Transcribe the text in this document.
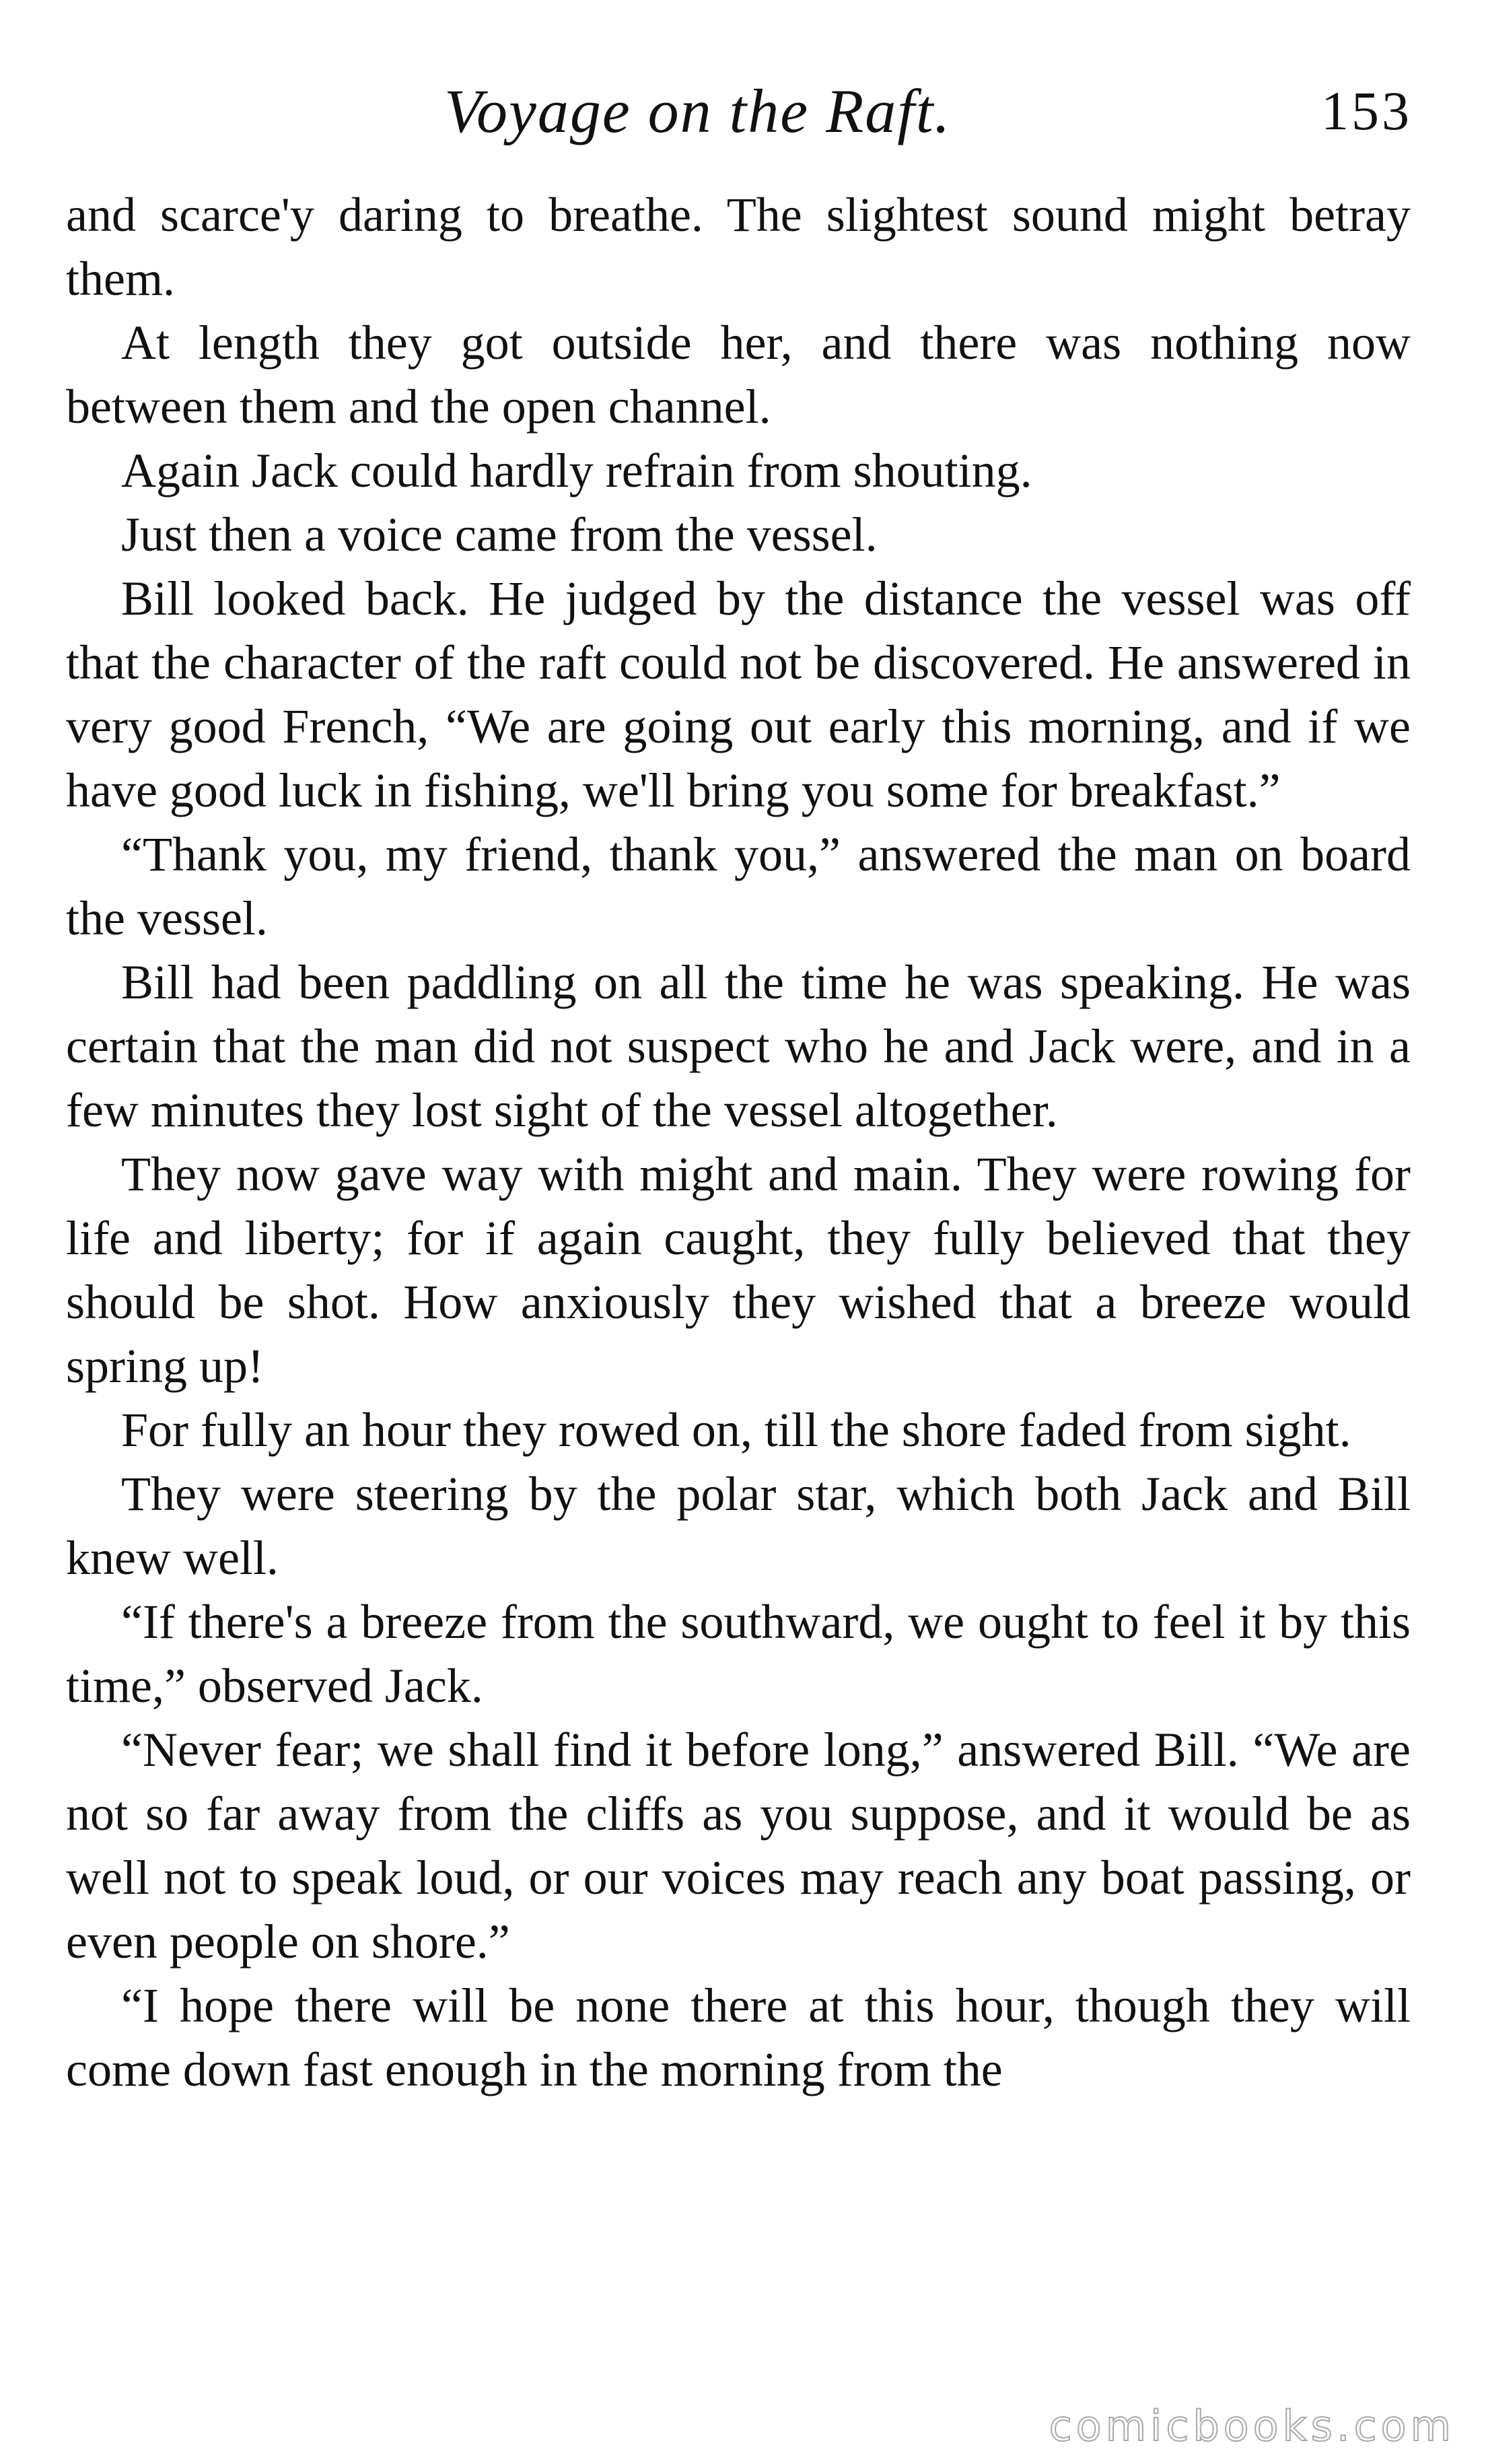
Voyage on the Raft.	153

and scarce'y daring to breathe. The slightest sound might betray them.

At length they got outside her, and there was nothing now between them and the open channel.

Again Jack could hardly refrain from shouting.

Just then a voice came from the vessel.

Bill looked back. He judged by the distance the vessel was off that the character of the raft could not be discovered. He answered in very good French, “We are going out early this morning, and if we have good luck in fishing, we'll bring you some for breakfast.”

“Thank you, my friend, thank you,” answered the man on board the vessel.

Bill had been paddling on all the time he was speaking. He was certain that the man did not suspect who he and Jack were, and in a few minutes they lost sight of the vessel altogether.

They now gave way with might and main. They were rowing for life and liberty; for if again caught, they fully believed that they should be shot. How anxiously they wished that a breeze would spring up!

For fully an hour they rowed on, till the shore faded from sight.

They were steering by the polar star, which both Jack and Bill knew well.

“If there's a breeze from the southward, we ought to feel it by this time,” observed Jack.

“Never fear; we shall find it before long,” answered Bill. “We are not so far away from the cliffs as you suppose, and it would be as well not to speak loud, or our voices may reach any boat passing, or even people on shore.”

“I hope there will be none there at this hour, though they will come down fast enough in the morning from the

comicbooks.com
